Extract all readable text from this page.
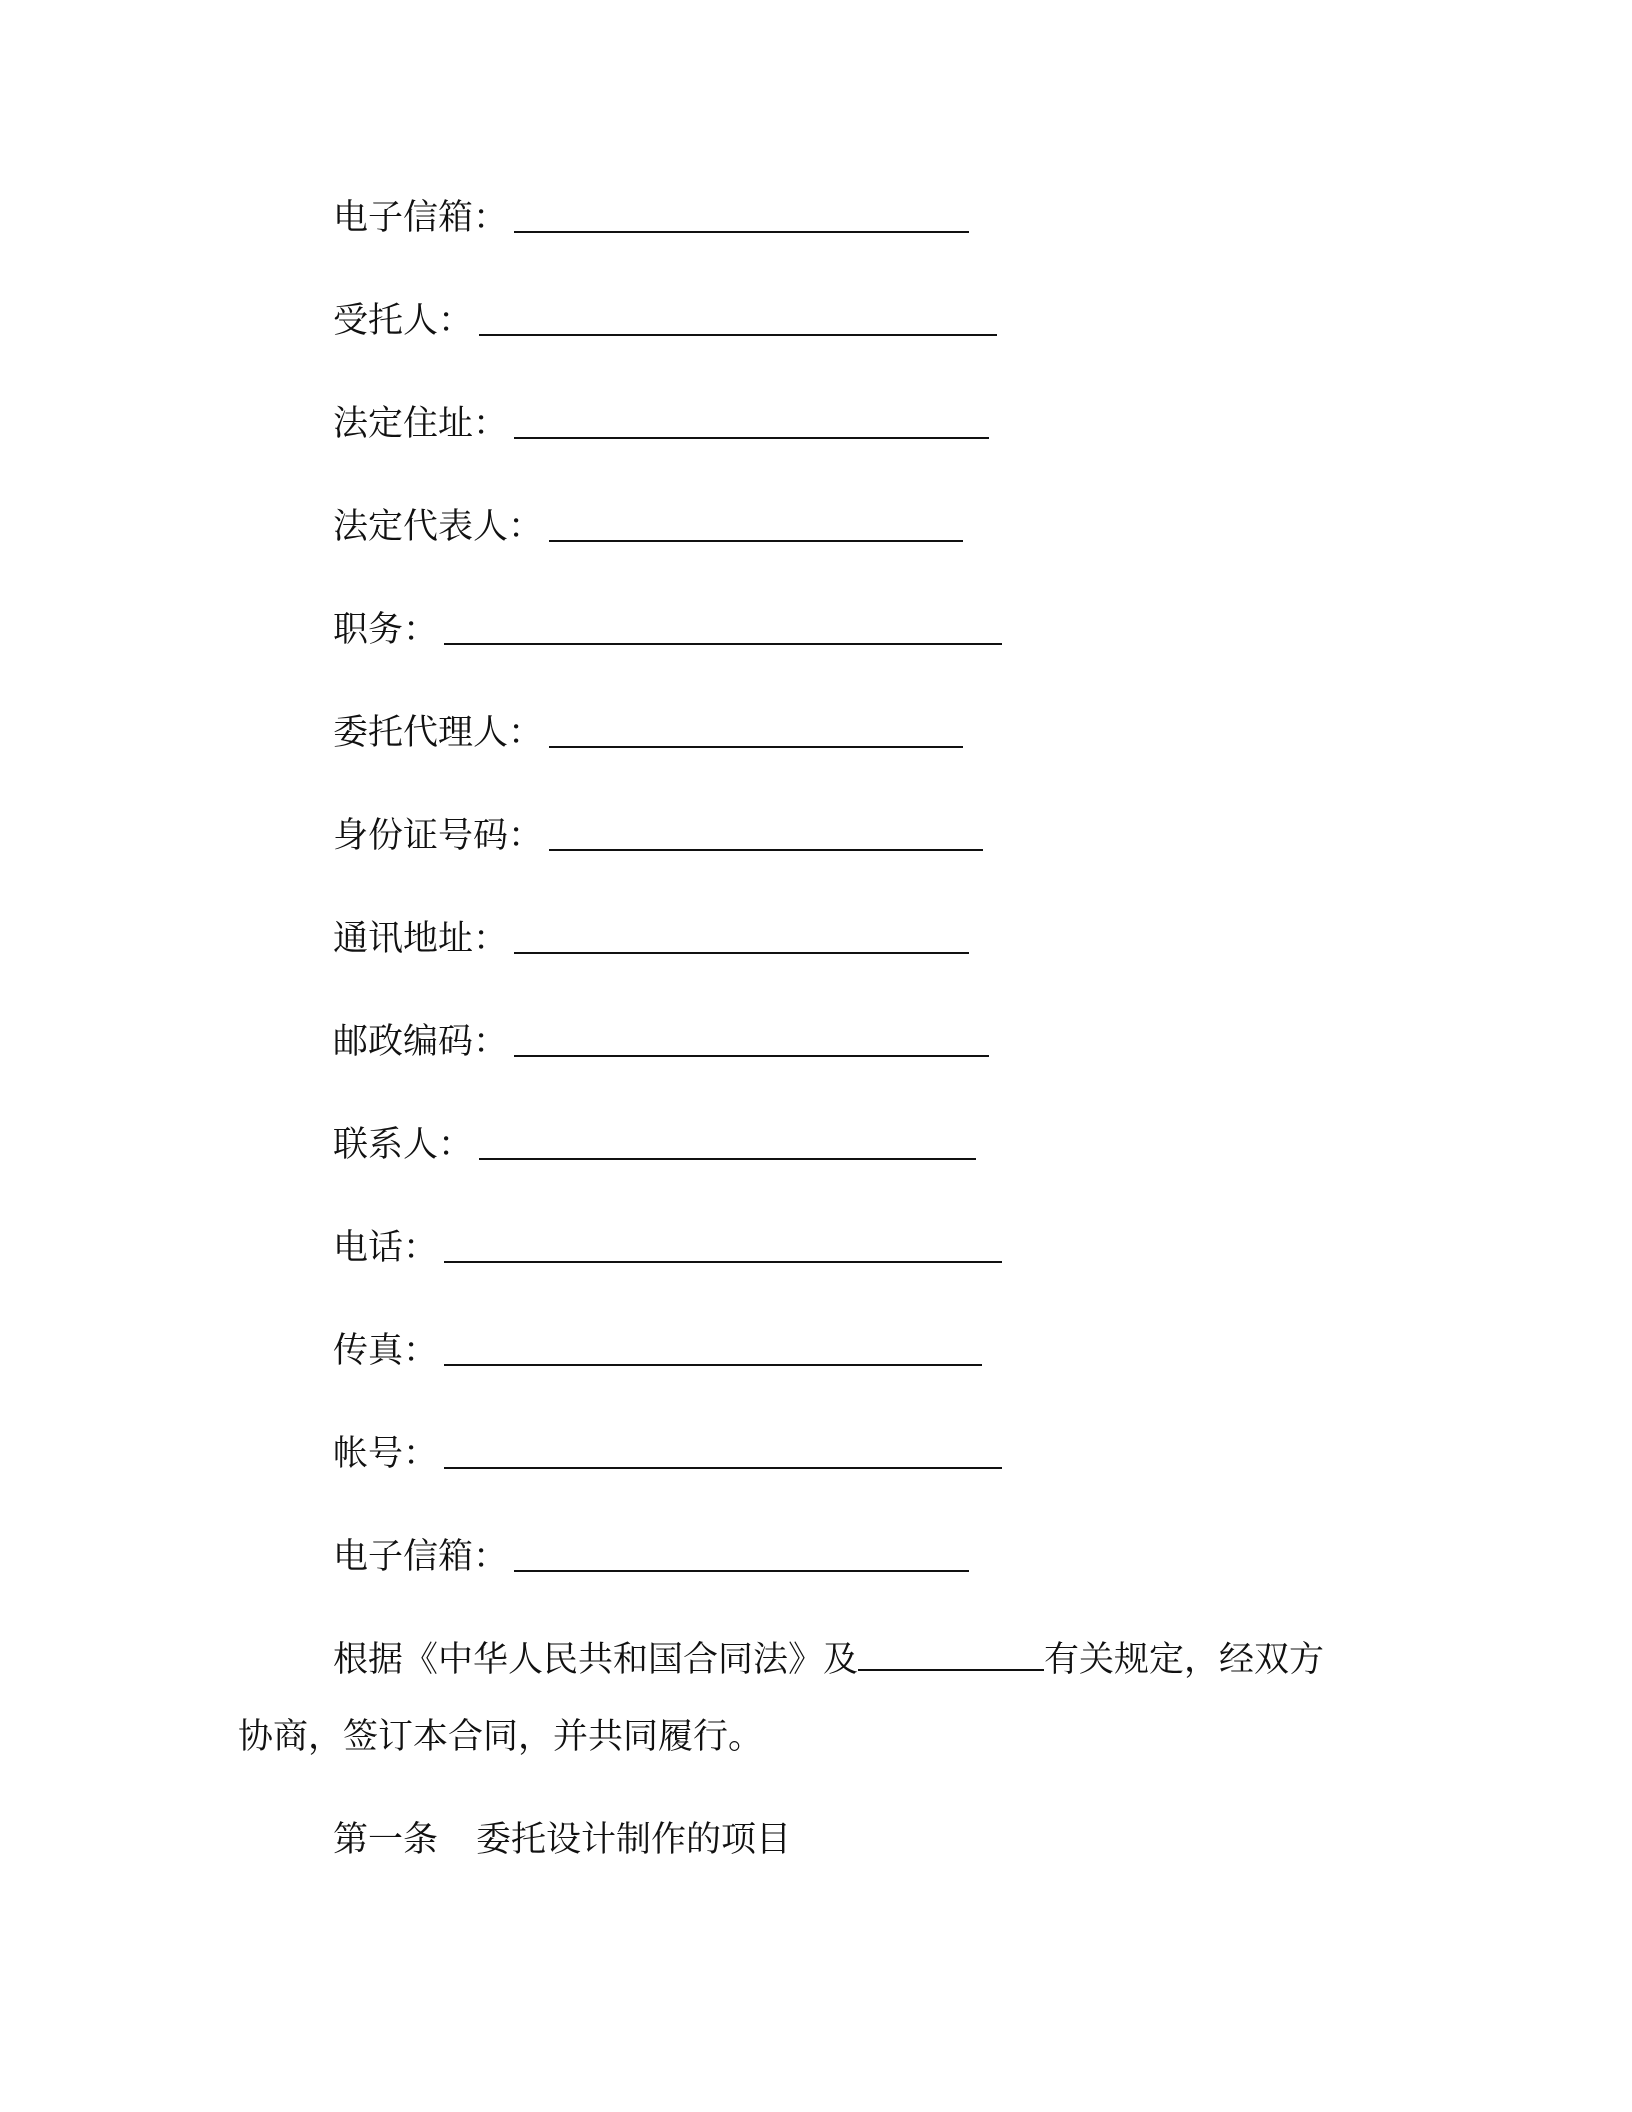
电子信箱：
受托人：
法定住址：
法定代表人：
职务：
委托代理人：
身份证号码：
通讯地址：
邮政编码：
联系人：
电话：
传真：
帐号：
电子信箱：
根据《中华人民共和国合同法》及	有关规定，经双方
协商，签订本合同，并共同履行。
第一条 委托设计制作的项目
